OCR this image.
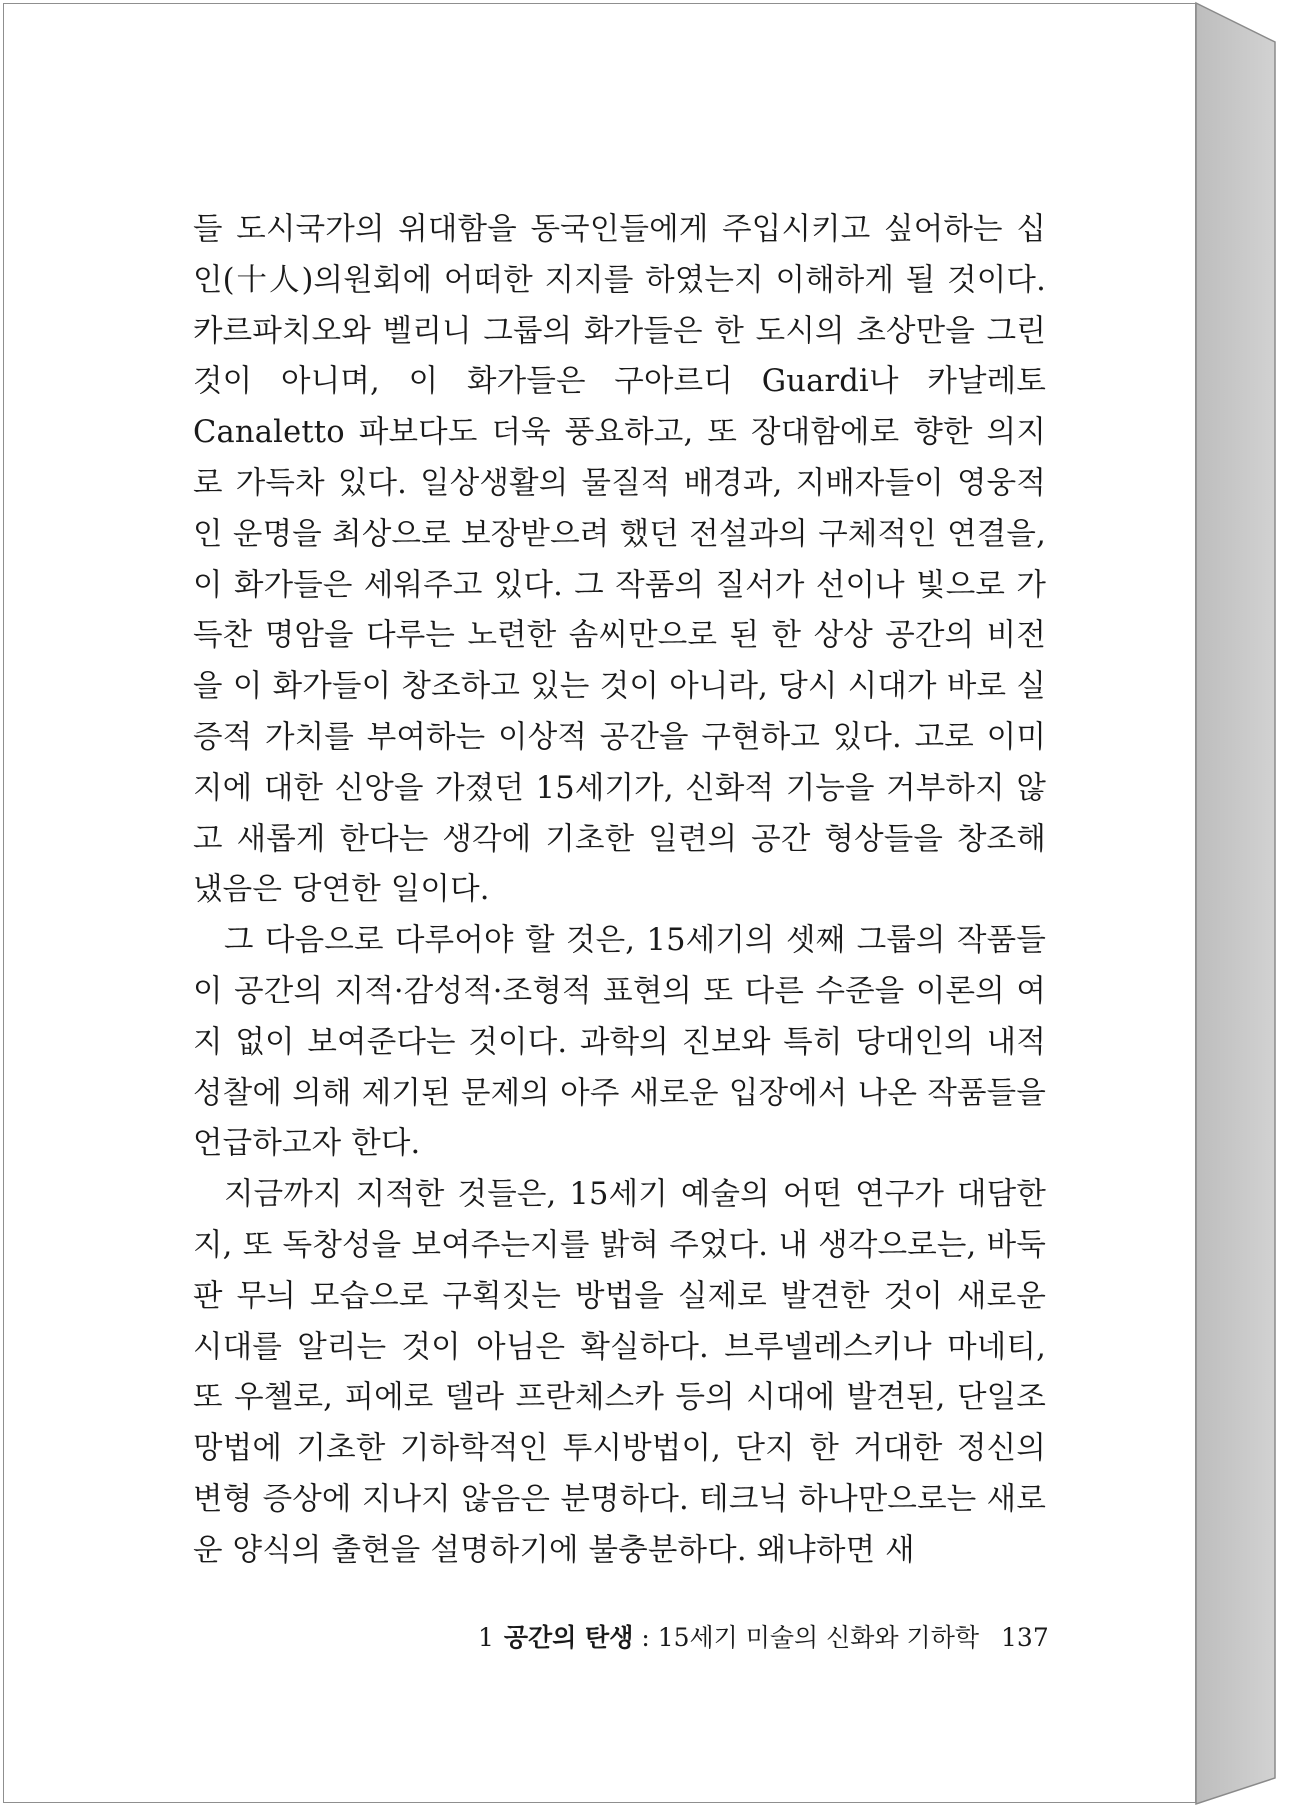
들 도시국가의 위대함을 동국인들에게 주입시키고 싶어하는 십인(十人)의원회에 어떠한 지지를 하였는지 이해하게 될 것이다. 카르파치오와 벨리니 그룹의 화가들은 한 도시의 초상만을 그린 것이 아니며, 이 화가들은 구아르디 Guardi나 카날레토 Canaletto 파보다도 더욱 풍요하고, 또 장대함에로 향한 의지로 가득차 있다. 일상생활의 물질적 배경과, 지배자들이 영웅적인 운명을 최상으로 보장받으려 했던 전설과의 구체적인 연결을, 이 화가들은 세워주고 있다. 그 작품의 질서가 선이나 빛으로 가득찬 명암을 다루는 노련한 솜씨만으로 된 한 상상 공간의 비전을 이 화가들이 창조하고 있는 것이 아니라, 당시 시대가 바로 실증적 가치를 부여하는 이상적 공간을 구현하고 있다. 고로 이미지에 대한 신앙을 가졌던 15세기가, 신화적 기능을 거부하지 않고 새롭게 한다는 생각에 기초한 일련의 공간 형상들을 창조해 냈음은 당연한 일이다.

그 다음으로 다루어야 할 것은, 15세기의 셋째 그룹의 작품들이 공간의 지적·감성적·조형적 표현의 또 다른 수준을 이론의 여지 없이 보여준다는 것이다. 과학의 진보와 특히 당대인의 내적 성찰에 의해 제기된 문제의 아주 새로운 입장에서 나온 작품들을 언급하고자 한다.

지금까지 지적한 것들은, 15세기 예술의 어떤 연구가 대담한지, 또 독창성을 보여주는지를 밝혀 주었다. 내 생각으로는, 바둑판 무늬 모습으로 구획짓는 방법을 실제로 발견한 것이 새로운 시대를 알리는 것이 아님은 확실하다. 브루넬레스키나 마네티, 또 우첼로, 피에로 델라 프란체스카 등의 시대에 발견된, 단일조망법에 기초한 기하학적인 투시방법이, 단지 한 거대한 정신의 변형 증상에 지나지 않음은 분명하다. 테크닉 하나만으로는 새로운 양식의 출현을 설명하기에 불충분하다. 왜냐하면 새

1 공간의 탄생 : 15세기 미술의 신화와 기하학 137
